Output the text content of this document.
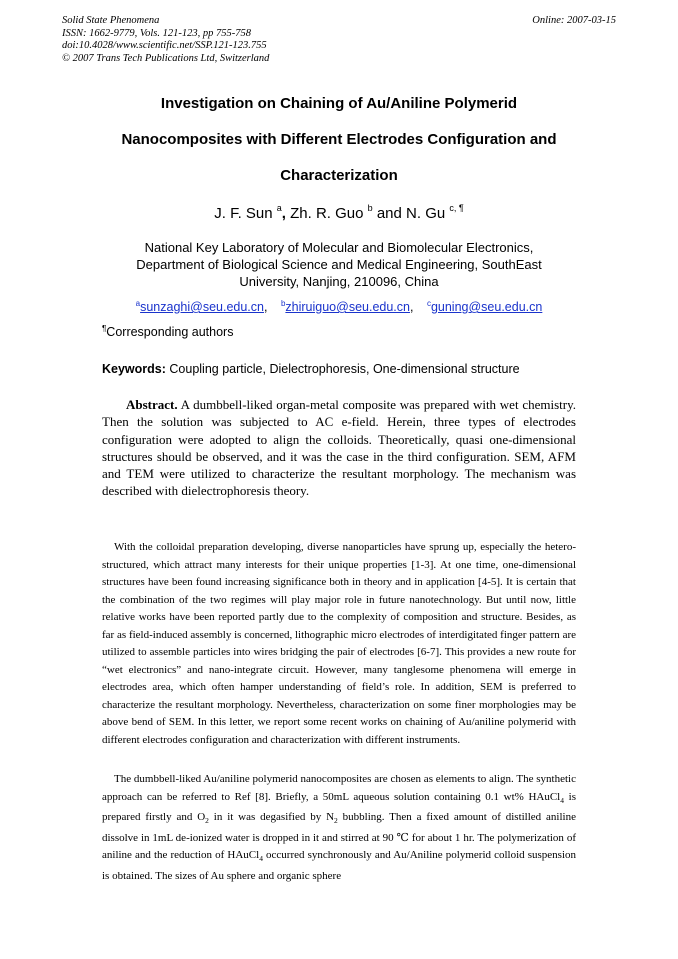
Solid State Phenomena
ISSN: 1662-9779, Vols. 121-123, pp 755-758
doi:10.4028/www.scientific.net/SSP.121-123.755
© 2007 Trans Tech Publications Ltd, Switzerland
Online: 2007-03-15
Investigation on Chaining of Au/Aniline Polymerid
Nanocomposites with Different Electrodes Configuration and
Characterization
J. F. Sun $^a$, Zh. R. Guo $^b$ and N. Gu $^{c, \P}$
National Key Laboratory of Molecular and Biomolecular Electronics,
Department of Biological Science and Medical Engineering, SouthEast
University, Nanjing, 210096, China
$^a$sunzaghi@seu.edu.cn, $^b$zhiruiguo@seu.edu.cn, $^c$guning@seu.edu.cn
¶Corresponding authors
Keywords: Coupling particle, Dielectrophoresis, One-dimensional structure
Abstract. A dumbbell-liked organ-metal composite was prepared with wet chemistry. Then the solution was subjected to AC e-field. Herein, three types of electrodes configuration were adopted to align the colloids. Theoretically, quasi one-dimensional structures should be observed, and it was the case in the third configuration. SEM, AFM and TEM were utilized to characterize the resultant morphology. The mechanism was described with dielectrophoresis theory.
With the colloidal preparation developing, diverse nanoparticles have sprung up, especially the hetero-structured, which attract many interests for their unique properties [1-3]. At one time, one-dimensional structures have been found increasing significance both in theory and in application [4-5]. It is certain that the combination of the two regimes will play major role in future nanotechnology. But until now, little relative works have been reported partly due to the complexity of composition and structure. Besides, as far as field-induced assembly is concerned, lithographic micro electrodes of interdigitated finger pattern are utilized to assemble particles into wires bridging the pair of electrodes [6-7]. This provides a new route for “wet electronics” and nano-integrate circuit. However, many tanglesome phenomena will emerge in electrodes area, which often hamper understanding of field’s role. In addition, SEM is preferred to characterize the resultant morphology. Nevertheless, characterization on some finer morphologies may be above bend of SEM. In this letter, we report some recent works on chaining of Au/aniline polymerid with different electrodes configuration and characterization with different instruments.
The dumbbell-liked Au/aniline polymerid nanocomposites are chosen as elements to align. The synthetic approach can be referred to Ref [8]. Briefly, a 50mL aqueous solution containing 0.1 wt% HAuCl$_4$ is prepared firstly and $O_2$ in it was degasified by $N_2$ bubbling. Then a fixed amount of distilled aniline dissolve in 1mL de-ionized water is dropped in it and stirred at 90 ℃ for about 1 hr. The polymerization of aniline and the reduction of HAuCl$_4$ occurred synchronously and Au/Aniline polymerid colloid suspension is obtained. The sizes of Au sphere and organic sphere
